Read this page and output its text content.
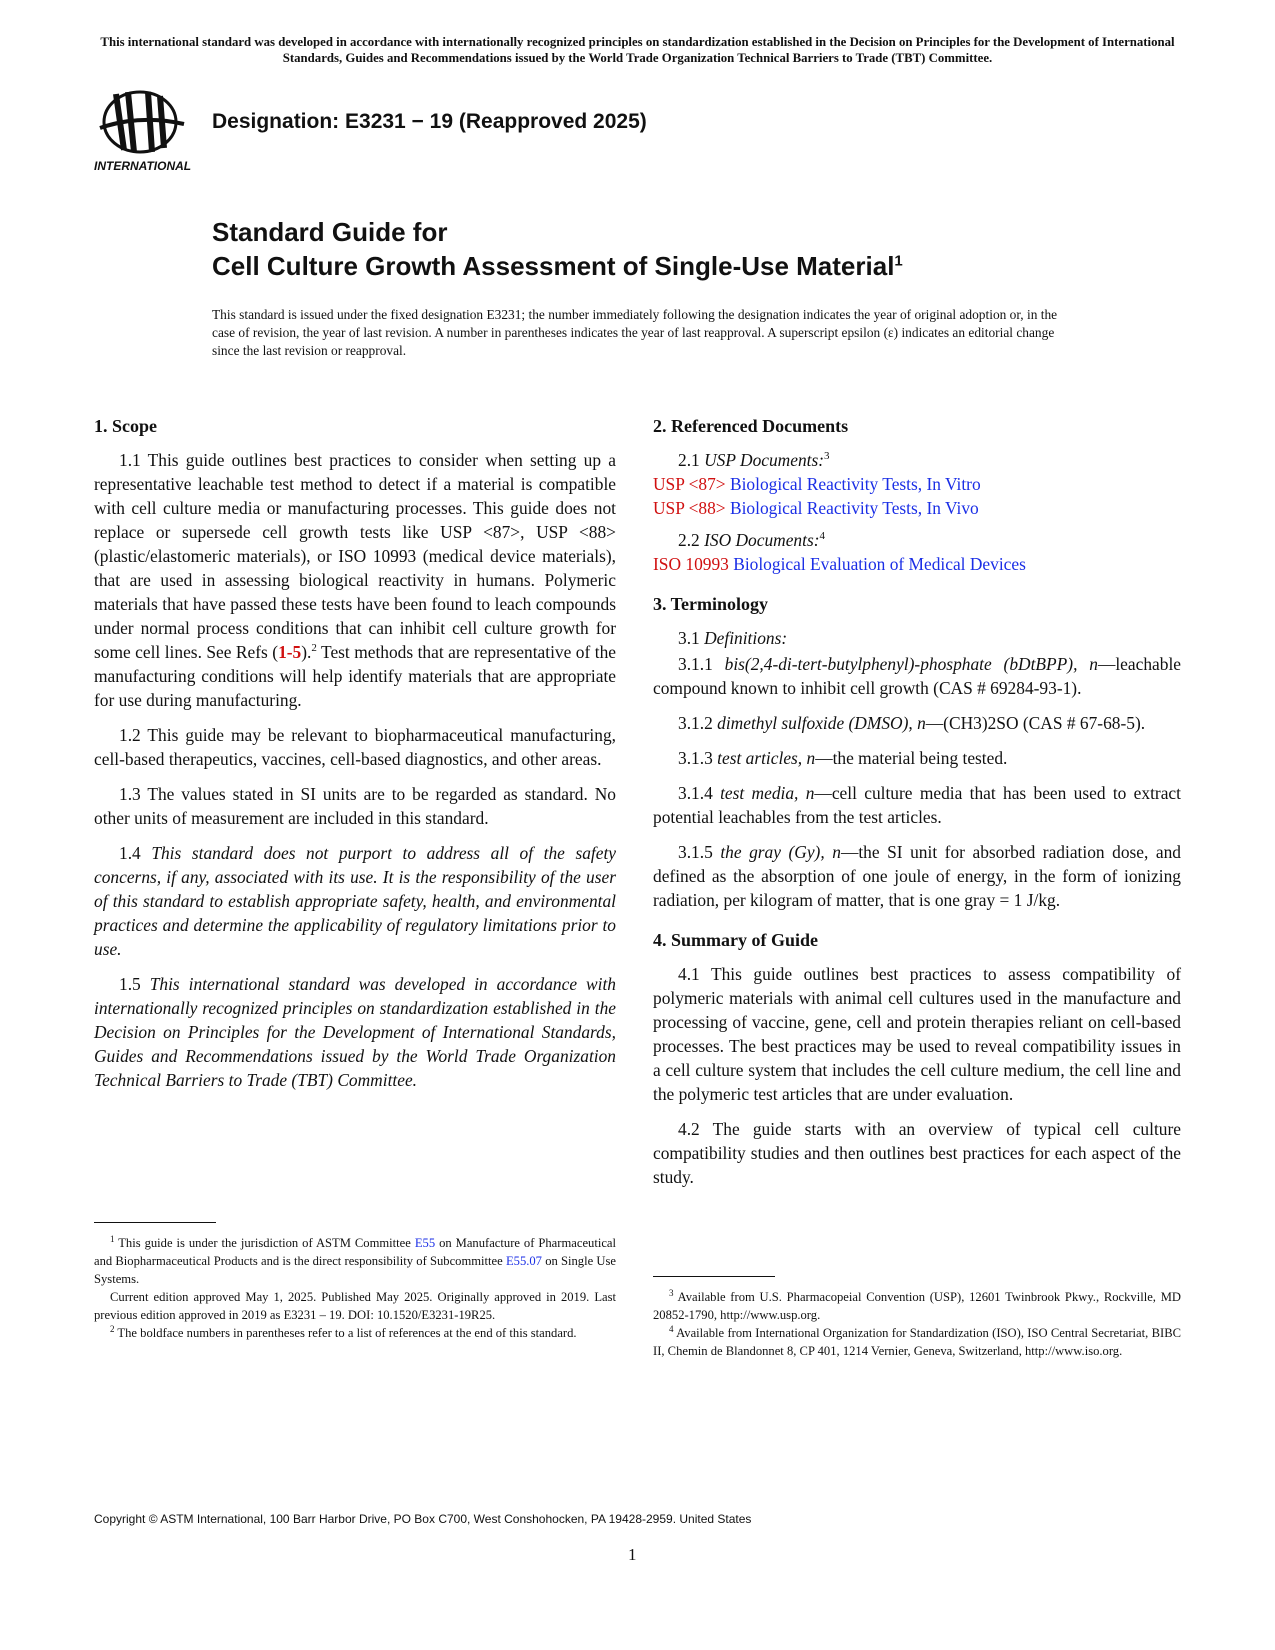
This international standard was developed in accordance with internationally recognized principles on standardization established in the Decision on Principles for the Development of International Standards, Guides and Recommendations issued by the World Trade Organization Technical Barriers to Trade (TBT) Committee.
INTERNATIONAL
Designation: E3231 − 19 (Reapproved 2025)
Standard Guide for
Cell Culture Growth Assessment of Single-Use Material$^1$
This standard is issued under the fixed designation E3231; the number immediately following the designation indicates the year of original adoption or, in the case of revision, the year of last revision. A number in parentheses indicates the year of last reapproval. A superscript epsilon (ε) indicates an editorial change since the last revision or reapproval.
1. Scope

1.1 This guide outlines best practices to consider when setting up a representative leachable test method to detect if a material is compatible with cell culture media or manufacturing processes. This guide does not replace or supersede cell growth tests like USP <87>, USP <88> (plastic/elastomeric materials), or ISO 10993 (medical device materials), that are used in assessing biological reactivity in humans. Polymeric materials that have passed these tests have been found to leach compounds under normal process conditions that can inhibit cell culture growth for some cell lines. See Refs (1-5).$^2$ Test methods that are representative of the manufacturing conditions will help identify materials that are appropriate for use during manufacturing.

1.2 This guide may be relevant to biopharmaceutical manufacturing, cell-based therapeutics, vaccines, cell-based diagnostics, and other areas.

1.3 The values stated in SI units are to be regarded as standard. No other units of measurement are included in this standard.

1.4 This standard does not purport to address all of the safety concerns, if any, associated with its use. It is the responsibility of the user of this standard to establish appropriate safety, health, and environmental practices and determine the applicability of regulatory limitations prior to use.

1.5 This international standard was developed in accordance with internationally recognized principles on standardization established in the Decision on Principles for the Development of International Standards, Guides and Recommendations issued by the World Trade Organization Technical Barriers to Trade (TBT) Committee.

2. Referenced Documents
2.1 USP Documents:$^3$
USP <87> Biological Reactivity Tests, In Vitro
USP <88> Biological Reactivity Tests, In Vivo
2.2 ISO Documents:$^4$
ISO 10993 Biological Evaluation of Medical Devices
3. Terminology

3.1 Definitions:

3.1.1 bis(2,4-di-tert-butylphenyl)-phosphate (bDtBPP), n—leachable compound known to inhibit cell growth (CAS # 69284-93-1).

3.1.2 dimethyl sulfoxide (DMSO), n—(CH3)2SO (CAS # 67-68-5).

3.1.3 test articles, n—the material being tested.

3.1.4 test media, n—cell culture media that has been used to extract potential leachables from the test articles.

3.1.5 the gray (Gy), n—the SI unit for absorbed radiation dose, and defined as the absorption of one joule of energy, in the form of ionizing radiation, per kilogram of matter, that is one gray = 1 J/kg.

4. Summary of Guide

4.1 This guide outlines best practices to assess compatibility of polymeric materials with animal cell cultures used in the manufacture and processing of vaccine, gene, cell and protein therapies reliant on cell-based processes. The best practices may be used to reveal compatibility issues in a cell culture system that includes the cell culture medium, the cell line and the polymeric test articles that are under evaluation.

4.2 The guide starts with an overview of typical cell culture compatibility studies and then outlines best practices for each aspect of the study.

$^1$ This guide is under the jurisdiction of ASTM Committee E55 on Manufacture of Pharmaceutical and Biopharmaceutical Products and is the direct responsibility of Subcommittee E55.07 on Single Use Systems.

Current edition approved May 1, 2025. Published May 2025. Originally approved in 2019. Last previous edition approved in 2019 as E3231 – 19. DOI: 10.1520/E3231-19R25.

$^2$ The boldface numbers in parentheses refer to a list of references at the end of this standard.

$^3$ Available from U.S. Pharmacopeial Convention (USP), 12601 Twinbrook Pkwy., Rockville, MD 20852-1790, http://www.usp.org.

$^4$ Available from International Organization for Standardization (ISO), ISO Central Secretariat, BIBC II, Chemin de Blandonnet 8, CP 401, 1214 Vernier, Geneva, Switzerland, http://www.iso.org.

Copyright © ASTM International, 100 Barr Harbor Drive, PO Box C700, West Conshohocken, PA 19428-2959. United States
1
